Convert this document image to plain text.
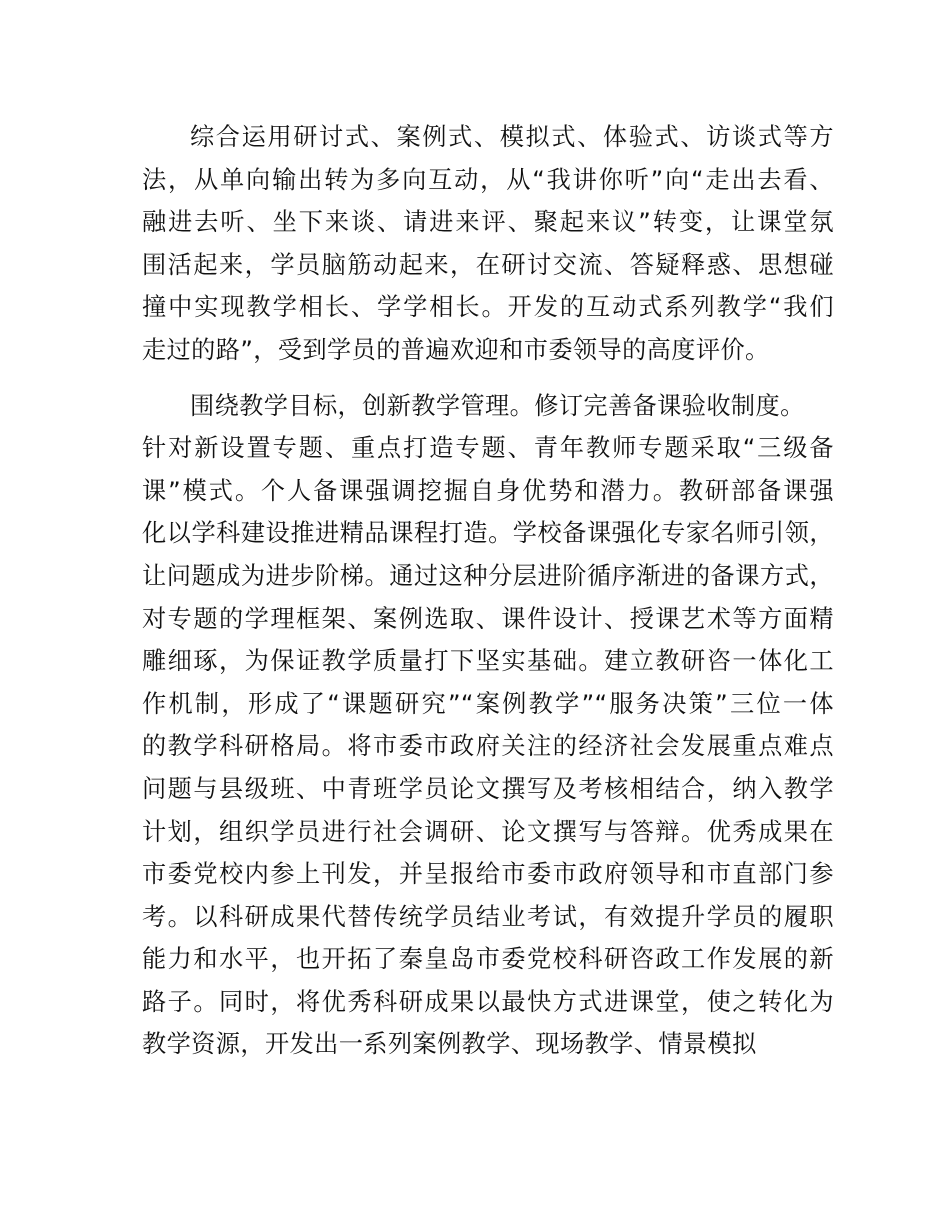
综合运用研讨式、案例式、模拟式、体验式、访谈式等方
法，从单向输出转为多向互动，从“我讲你听”向“走出去看、
融进去听、坐下来谈、请进来评、聚起来议”转变，让课堂氛
围活起来，学员脑筋动起来，在研讨交流、答疑释惑、思想碰
撞中实现教学相长、学学相长。开发的互动式系列教学“我们
走过的路”，受到学员的普遍欢迎和市委领导的高度评价。
围绕教学目标，创新教学管理。修订完善备课验收制度。
针对新设置专题、重点打造专题、青年教师专题采取“三级备
课”模式。个人备课强调挖掘自身优势和潜力。教研部备课强
化以学科建设推进精品课程打造。学校备课强化专家名师引领，
让问题成为进步阶梯。通过这种分层进阶循序渐进的备课方式，
对专题的学理框架、案例选取、课件设计、授课艺术等方面精
雕细琢，为保证教学质量打下坚实基础。建立教研咨一体化工
作机制，形成了“课题研究”“案例教学”“服务决策”三位一体
的教学科研格局。将市委市政府关注的经济社会发展重点难点
问题与县级班、中青班学员论文撰写及考核相结合，纳入教学
计划，组织学员进行社会调研、论文撰写与答辩。优秀成果在
市委党校内参上刊发，并呈报给市委市政府领导和市直部门参
考。以科研成果代替传统学员结业考试，有效提升学员的履职
能力和水平，也开拓了秦皇岛市委党校科研咨政工作发展的新
路子。同时，将优秀科研成果以最快方式进课堂，使之转化为
教学资源，开发出一系列案例教学、现场教学、情景模拟
